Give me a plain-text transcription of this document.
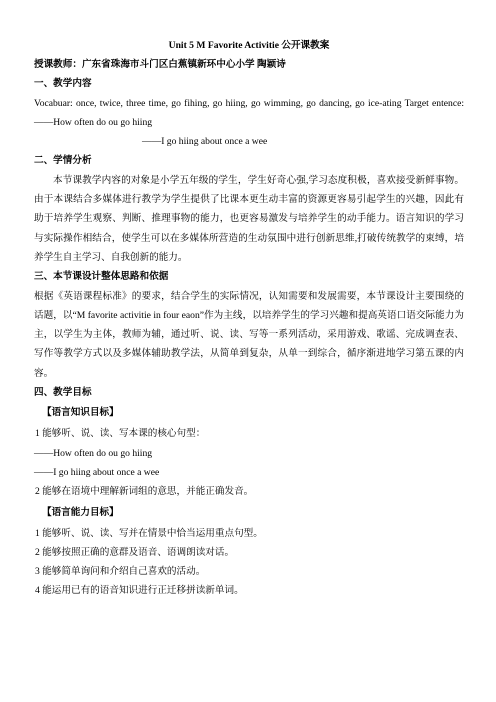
Unit 5 M Favorite Activitie 公开课教案

授课教师：广东省珠海市斗门区白蕉镇新环中心小学 陶颖诗

一、教学内容

Vocabuar: once, twice, three time, go fihing, go hiing, go wimming, go dancing, go ice-ating Target entence: ——How often do ou go hiing

——I go hiing about once a wee

二、学情分析

本节课教学内容的对象是小学五年级的学生，学生好奇心强,学习态度积极，喜欢接受新鲜事物。由于本课结合多媒体进行教学为学生提供了比课本更生动丰富的资源更容易引起学生的兴趣，因此有助于培养学生观察、判断、推理事物的能力，也更容易激发与培养学生的动手能力。语言知识的学习与实际操作相结合，使学生可以在多媒体所营造的生动氛围中进行创新思维,打破传统教学的束缚，培养学生自主学习、自我创新的能力。

三、本节课设计整体思路和依据

根据《英语课程标准》的要求，结合学生的实际情况，认知需要和发展需要，本节课设计主要围绕的话题，以“M favorite activitie in four eaon”作为主线，以培养学生的学习兴趣和提高英语口语交际能力为主，以学生为主体，教师为辅，通过听、说、读、写等一系列活动，采用游戏、歌谣、完成调查表、写作等教学方式以及多媒体辅助教学法，从简单到复杂，从单一到综合，循序渐进地学习第五课的内容。

四、教学目标

【语言知识目标】

1 能够听、说、读、写本课的核心句型：

——How often do ou go hiing

——I go hiing about once a wee

2 能够在语境中理解新词组的意思，并能正确发音。

【语言能力目标】

1 能够听、说、读、写并在情景中恰当运用重点句型。

2 能够按照正确的意群及语音、语调朗读对话。

3 能够简单询问和介绍自己喜欢的活动。

4 能运用已有的语音知识进行正迁移拼读新单词。
